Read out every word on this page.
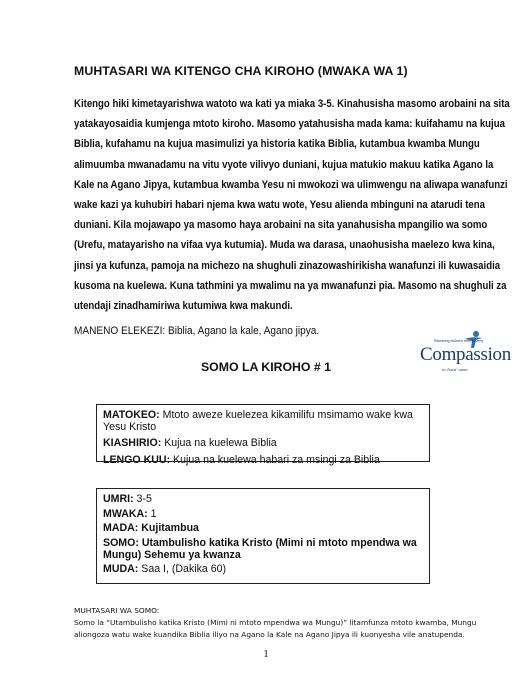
MUHTASARI WA KITENGO CHA KIROHO (MWAKA WA 1)
Kitengo hiki kimetayarishwa watoto wa kati ya miaka 3-5. Kinahusisha masomo arobaini na sita
yatakayosaidia kumjenga mtoto kiroho. Masomo yatahusisha mada kama: kuifahamu na kujua
Biblia, kufahamu na kujua masimulizi ya historia katika Biblia, kutambua kwamba Mungu
alimuumba mwanadamu na vitu vyote vilivyo duniani, kujua matukio makuu katika Agano la
Kale na Agano Jipya, kutambua kwamba Yesu ni mwokozi wa ulimwengu na aliwapa wanafunzi
wake kazi ya kuhubiri habari njema kwa watu wote, Yesu aliendа mbinguni na atarudi tena
duniani. Kila mojawapo ya masomo haya arobaini na sita yanahusisha mpangilio wa somo
(Urefu, matayarisho na vifaa vya kutumia). Muda wa darasa, unaohusisha maelezo kwa kina,
jinsi ya kufunza, pamoja na michezo na shughuli zinazowashirikisha wanafunzi ili kuwasaidia
kusoma na kuelewa. Kuna tathmini ya mwalimu na ya mwanafunzi pia. Masomo na shughuli za
utendaji zinadhamiriwa kutumiwa kwa makundi.
MANENO ELEKEZI: Biblia, Agano la kale, Agano jipya.
Releasing children from poverty
Compassion
in Jesus' name
SOMO LA KIROHO # 1
MATOKEO: Mtoto aweze kuelezea kikamilifu msimamo wake kwa Yesu Kristo
KIASHIRIO: Kujua na kuelewa Biblia
LENGO KUU: Kujua na kuelewa habari za msingi za Biblia
UMRI: 3-5
MWAKA: 1
MADA: Kujitambua
SOMO: Utambulisho katika Kristo (Mimi ni mtoto mpendwa wa Mungu) Sehemu ya kwanza
MUDA: Saa I, (Dakika 60)
MUHTASARI WA SOMO:
Somo la “Utambulisho katika Kristo (Mimi ni mtoto mpendwa wa Mungu)” litamfunza mtoto kwamba, Mungu
aliongoza watu wake kuandika Biblia iliyo na Agano la Kale na Agano Jipya ili kuonyesha vile anatupenda.
1
